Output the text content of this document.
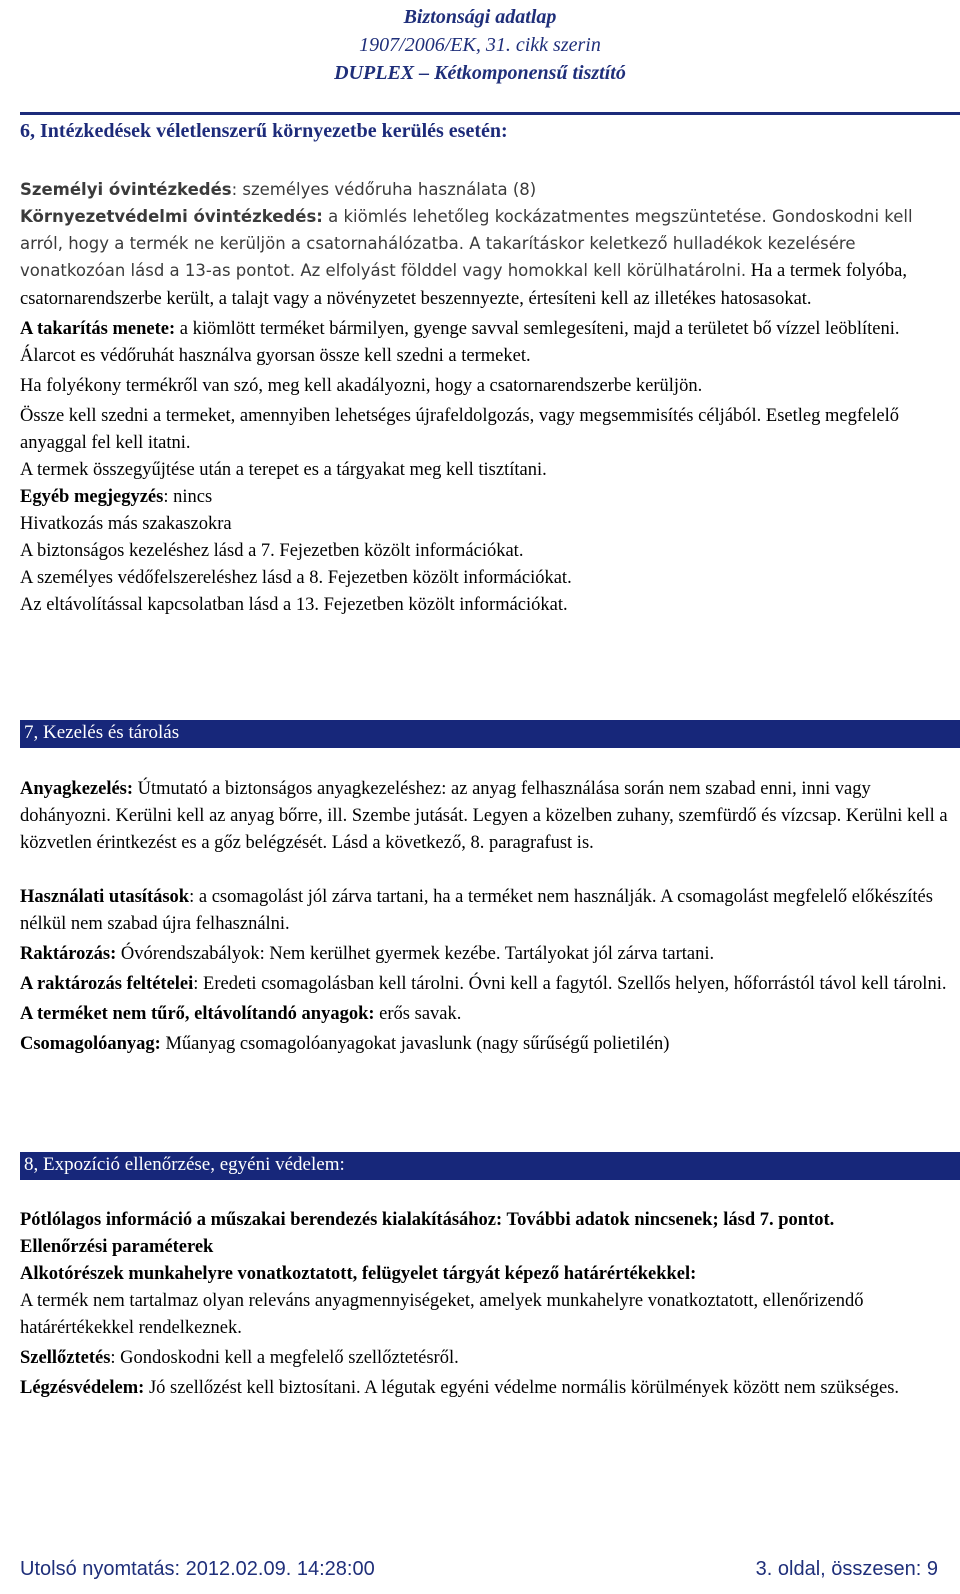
Biztonsági adatlap
1907/2006/EK, 31. cikk szerin
DUPLEX – Kétkomponensű tisztító
6, Intézkedések véletlenszerű környezetbe kerülés esetén:

Személyi óvintézkedés: személyes védőruha használata (8)

Környezetvédelmi óvintézkedés: a kiömlés lehetőleg kockázatmentes megszüntetése. Gondoskodni kell arról, hogy a termék ne kerüljön a csatornahálózatba. A takarításkor keletkező hulladékok kezelésére vonatkozóan lásd a 13-as pontot. Az elfolyást földdel vagy homokkal kell körülhatárolni. Ha a termek folyóba, csatornarendszerbe került, a talajt vagy a növényzetet beszennyezte, értesíteni kell az illetékes hatosasokat.

A takarítás menete: a kiömlött terméket bármilyen, gyenge savval semlegesíteni, majd a területet bő vízzel leöblíteni. Álarcot es védőruhát használva gyorsan össze kell szedni a termeket.

Ha folyékony termékről van szó, meg kell akadályozni, hogy a csatornarendszerbe kerüljön.

Össze kell szedni a termeket, amennyiben lehetséges újrafeldolgozás, vagy megsemmisítés céljából. Esetleg megfelelő anyaggal fel kell itatni.

A termek összegyűjtése után a terepet es a tárgyakat meg kell tisztítani.

Egyéb megjegyzés: nincs

Hivatkozás más szakaszokra

A biztonságos kezeléshez lásd a 7. Fejezetben közölt információkat.

A személyes védőfelszereléshez lásd a 8. Fejezetben közölt információkat.

Az eltávolítással kapcsolatban lásd a 13. Fejezetben közölt információkat.

7, Kezelés és tárolás

Anyagkezelés: Útmutató a biztonságos anyagkezeléshez: az anyag felhasználása során nem szabad enni, inni vagy dohányozni. Kerülni kell az anyag bőrre, ill. Szembe jutását. Legyen a közelben zuhany, szemfürdő és vízcsap. Kerülni kell a közvetlen érintkezést es a gőz belégzését. Lásd a következő, 8. paragrafust is.

Használati utasítások: a csomagolást jól zárva tartani, ha a terméket nem használják. A csomagolást megfelelő előkészítés nélkül nem szabad újra felhasználni.

Raktározás: Óvórendszabályok: Nem kerülhet gyermek kezébe. Tartályokat jól zárva tartani.

A raktározás feltételei: Eredeti csomagolásban kell tárolni. Óvni kell a fagytól. Szellős helyen, hőforrástól távol kell tárolni.

A terméket nem tűrő, eltávolítandó anyagok: erős savak.

Csomagolóanyag: Műanyag csomagolóanyagokat javaslunk (nagy sűrűségű polietilén)

8, Expozíció ellenőrzése, egyéni védelem:

Pótlólagos információ a műszakai berendezés kialakításához: További adatok nincsenek; lásd 7. pontot.

Ellenőrzési paraméterek

Alkotórészek munkahelyre vonatkoztatott, felügyelet tárgyát képező határértékekkel:

A termék nem tartalmaz olyan releváns anyagmennyiségeket, amelyek munkahelyre vonatkoztatott, ellenőrizendő határértékekkel rendelkeznek.

Szellőztetés: Gondoskodni kell a megfelelő szellőztetésről.

Légzésvédelem: Jó szellőzést kell biztosítani. A légutak egyéni védelme normális körülmények között nem szükséges.

Utolsó nyomtatás: 2012.02.09. 14:28:00	3. oldal, összesen: 9
